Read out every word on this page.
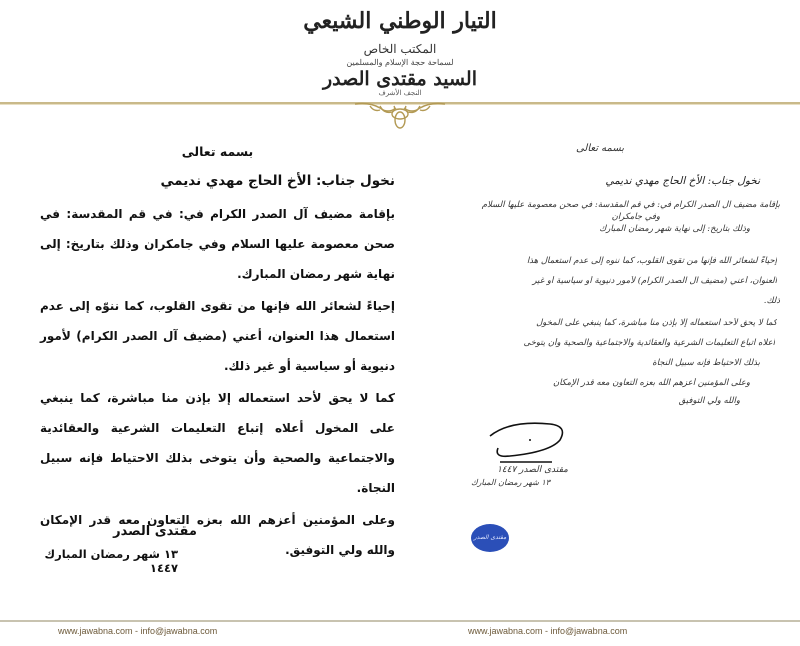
التيار الوطني الشيعي
المكتب الخاص
لسماحة حجة الإسلام والمسلمين
السيد مقتدى الصدر
النجف الأشرف
بسمه تعالى
نخول جناب: الأخ الحاج مهدي نديمي
بإقامة مضيف آل الصدر الكرام في: في قم المقدسة: في صحن معصومة عليها السلام وفي جامكران وذلك بتاريخ: إلى نهاية شهر رمضان المبارك.
إحياءً لشعائر الله فإنها من تقوى القلوب، كما ننوّه إلى عدم استعمال هذا العنوان، أعني (مضيف آل الصدر الكرام) لأمور دنيوية أو سياسية أو غير ذلك.
كما لا يحق لأحد استعماله إلا بإذن منا مباشرة، كما ينبغي على المخول أعلاه إتباع التعليمات الشرعية والعقائدية والاجتماعية والصحية وأن يتوخى بذلك الاحتياط فإنه سبيل النجاة.
وعلى المؤمنين أعزهم الله بعزه التعاون معه قدر الإمكان والله ولي التوفيق.
مقتدى الصدر
١٣ شهر رمضان المبارك ١٤٤٧
بسمه تعالى
نخول جناب: الأخ الحاج مهدي نديمي
بإقامة مضيف آل الصدر الكرام في: في قم المقدسة: في صحن معصومة عليها السلام
وفي جامكران
وذلك بتاريخ: إلى نهاية شهر رمضان المبارك
إحياءً لشعائر الله فإنها من تقوى القلوب، كما ننوه إلى عدم استعمال هذا
العنوان، أعني (مضيف آل الصدر الكرام) لأمور دنيوية أو سياسية أو غير
ذلك.
كما لا يحق لأحد استعماله إلا بإذن منا مباشرة، كما ينبغي على المخول
أعلاه اتباع التعليمات الشرعية والعقائدية والاجتماعية والصحية وأن يتوخى
بذلك الاحتياط فإنه سبيل النجاة
وعلى المؤمنين أعزهم الله بعزه التعاون معه قدر الإمكان
والله ولي التوفيق
مقتدى الصدر ١٤٤٧
١٣ شهر رمضان المبارك
مقتدى الصدر
www.jawabna.com - info@jawabna.com	www.jawabna.com - info@jawabna.com
